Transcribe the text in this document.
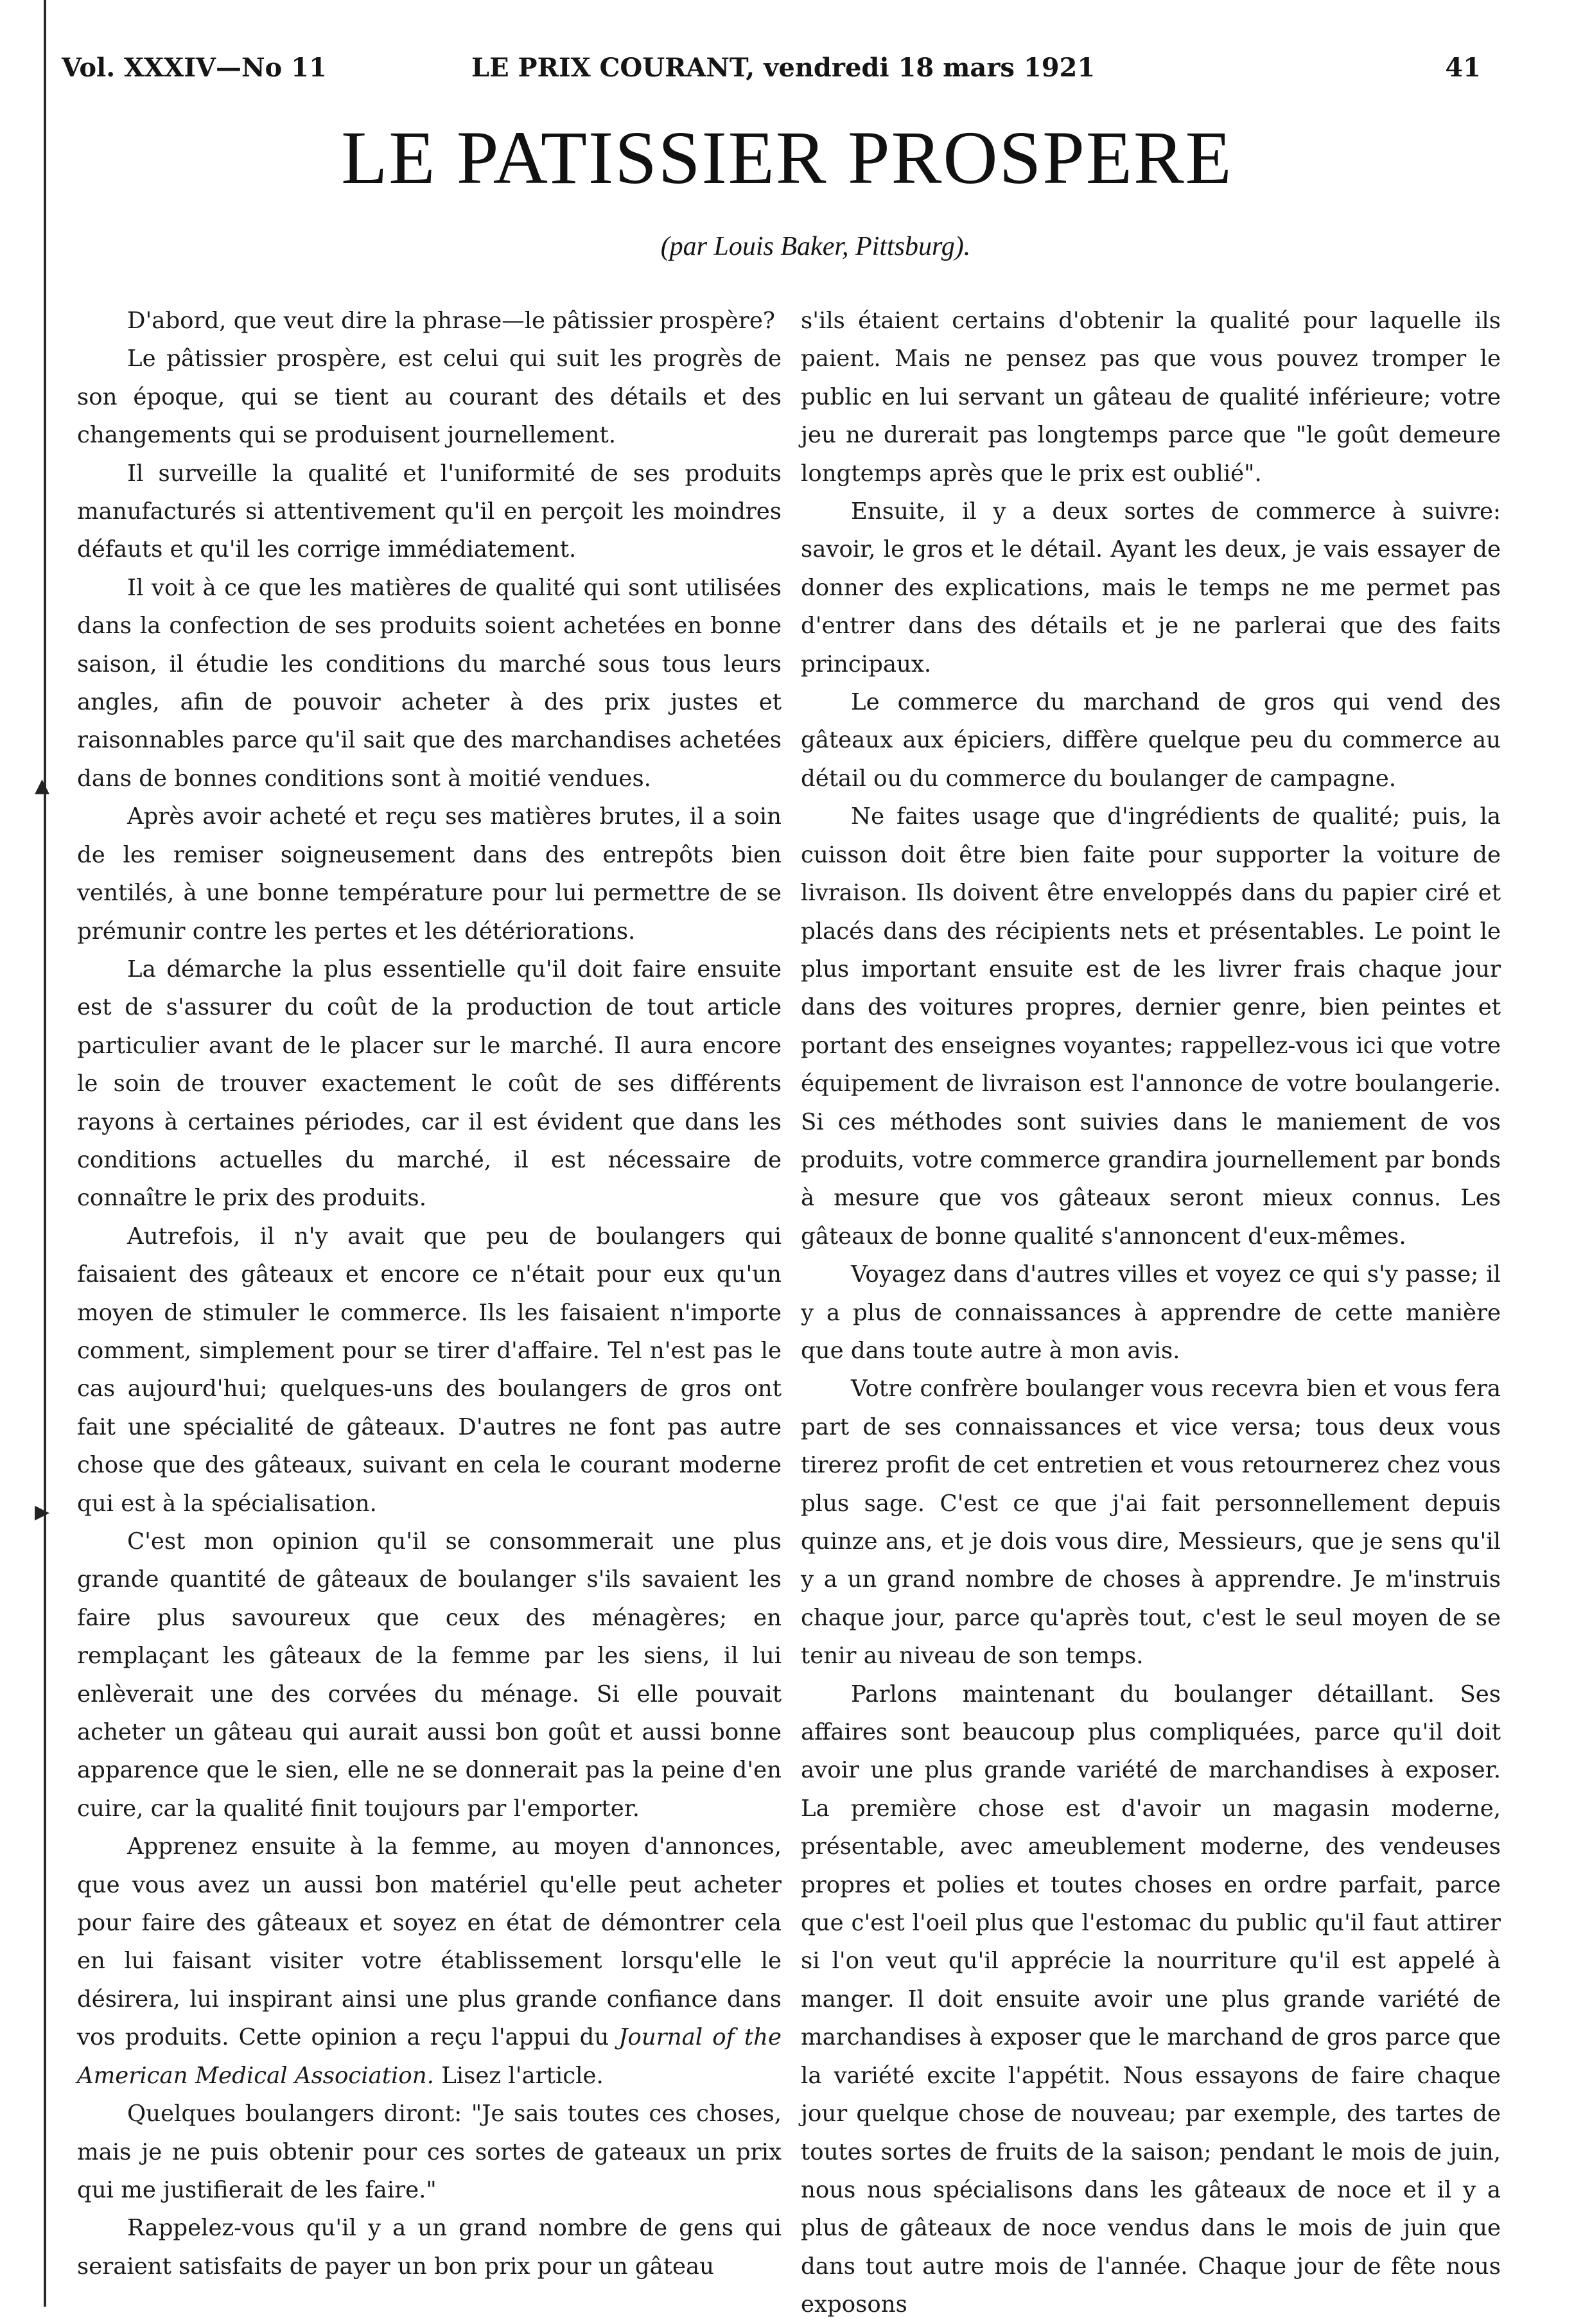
Vol. XXXIV—No 11	LE PRIX COURANT, vendredi 18 mars 1921	41
LE PATISSIER PROSPERE
(par Louis Baker, Pittsburg).

D'abord, que veut dire la phrase—le pâtissier prospère?

Le pâtissier prospère, est celui qui suit les progrès de son époque, qui se tient au courant des détails et des changements qui se produisent journellement.

Il surveille la qualité et l'uniformité de ses produits manufacturés si attentivement qu'il en perçoit les moindres défauts et qu'il les corrige immédiatement.

Il voit à ce que les matières de qualité qui sont utilisées dans la confection de ses produits soient achetées en bonne saison, il étudie les conditions du marché sous tous leurs angles, afin de pouvoir acheter à des prix justes et raisonnables parce qu'il sait que des marchandises achetées dans de bonnes conditions sont à moitié vendues.

Après avoir acheté et reçu ses matières brutes, il a soin de les remiser soigneusement dans des entrepôts bien ventilés, à une bonne température pour lui permettre de se prémunir contre les pertes et les détériorations.

La démarche la plus essentielle qu'il doit faire ensuite est de s'assurer du coût de la production de tout article particulier avant de le placer sur le marché. Il aura encore le soin de trouver exactement le coût de ses différents rayons à certaines périodes, car il est évident que dans les conditions actuelles du marché, il est nécessaire de connaître le prix des produits.

Autrefois, il n'y avait que peu de boulangers qui faisaient des gâteaux et encore ce n'était pour eux qu'un moyen de stimuler le commerce. Ils les faisaient n'importe comment, simplement pour se tirer d'affaire. Tel n'est pas le cas aujourd'hui; quelques-uns des boulangers de gros ont fait une spécialité de gâteaux. D'autres ne font pas autre chose que des gâteaux, suivant en cela le courant moderne qui est à la spécialisation.

C'est mon opinion qu'il se consommerait une plus grande quantité de gâteaux de boulanger s'ils savaient les faire plus savoureux que ceux des ménagères; en remplaçant les gâteaux de la femme par les siens, il lui enlèverait une des corvées du ménage. Si elle pouvait acheter un gâteau qui aurait aussi bon goût et aussi bonne apparence que le sien, elle ne se donnerait pas la peine d'en cuire, car la qualité finit toujours par l'emporter.

Apprenez ensuite à la femme, au moyen d'annonces, que vous avez un aussi bon matériel qu'elle peut acheter pour faire des gâteaux et soyez en état de démontrer cela en lui faisant visiter votre établissement lorsqu'elle le désirera, lui inspirant ainsi une plus grande confiance dans vos produits. Cette opinion a reçu l'appui du Journal of the American Medical Association. Lisez l'article.

Quelques boulangers diront: "Je sais toutes ces choses, mais je ne puis obtenir pour ces sortes de gateaux un prix qui me justifierait de les faire."

Rappelez-vous qu'il y a un grand nombre de gens qui seraient satisfaits de payer un bon prix pour un gâteau

s'ils étaient certains d'obtenir la qualité pour laquelle ils paient. Mais ne pensez pas que vous pouvez tromper le public en lui servant un gâteau de qualité inférieure; votre jeu ne durerait pas longtemps parce que "le goût demeure longtemps après que le prix est oublié".

Ensuite, il y a deux sortes de commerce à suivre: savoir, le gros et le détail. Ayant les deux, je vais essayer de donner des explications, mais le temps ne me permet pas d'entrer dans des détails et je ne parlerai que des faits principaux.

Le commerce du marchand de gros qui vend des gâteaux aux épiciers, diffère quelque peu du commerce au détail ou du commerce du boulanger de campagne.

Ne faites usage que d'ingrédients de qualité; puis, la cuisson doit être bien faite pour supporter la voiture de livraison. Ils doivent être enveloppés dans du papier ciré et placés dans des récipients nets et présentables. Le point le plus important ensuite est de les livrer frais chaque jour dans des voitures propres, dernier genre, bien peintes et portant des enseignes voyantes; rappellez-vous ici que votre équipement de livraison est l'annonce de votre boulangerie. Si ces méthodes sont suivies dans le maniement de vos produits, votre commerce grandira journellement par bonds à mesure que vos gâteaux seront mieux connus. Les gâteaux de bonne qualité s'annoncent d'eux-mêmes.

Voyagez dans d'autres villes et voyez ce qui s'y passe; il y a plus de connaissances à apprendre de cette manière que dans toute autre à mon avis.

Votre confrère boulanger vous recevra bien et vous fera part de ses connaissances et vice versa; tous deux vous tirerez profit de cet entretien et vous retournerez chez vous plus sage. C'est ce que j'ai fait personnellement depuis quinze ans, et je dois vous dire, Messieurs, que je sens qu'il y a un grand nombre de choses à apprendre. Je m'instruis chaque jour, parce qu'après tout, c'est le seul moyen de se tenir au niveau de son temps.

Parlons maintenant du boulanger détaillant. Ses affaires sont beaucoup plus compliquées, parce qu'il doit avoir une plus grande variété de marchandises à exposer. La première chose est d'avoir un magasin moderne, présentable, avec ameublement moderne, des vendeuses propres et polies et toutes choses en ordre parfait, parce que c'est l'oeil plus que l'estomac du public qu'il faut attirer si l'on veut qu'il apprécie la nourriture qu'il est appelé à manger. Il doit ensuite avoir une plus grande variété de marchandises à exposer que le marchand de gros parce que la variété excite l'appétit. Nous essayons de faire chaque jour quelque chose de nouveau; par exemple, des tartes de toutes sortes de fruits de la saison; pendant le mois de juin, nous nous spécialisons dans les gâteaux de noce et il y a plus de gâteaux de noce vendus dans le mois de juin que dans tout autre mois de l'année. Chaque jour de fête nous exposons

▲
▶
